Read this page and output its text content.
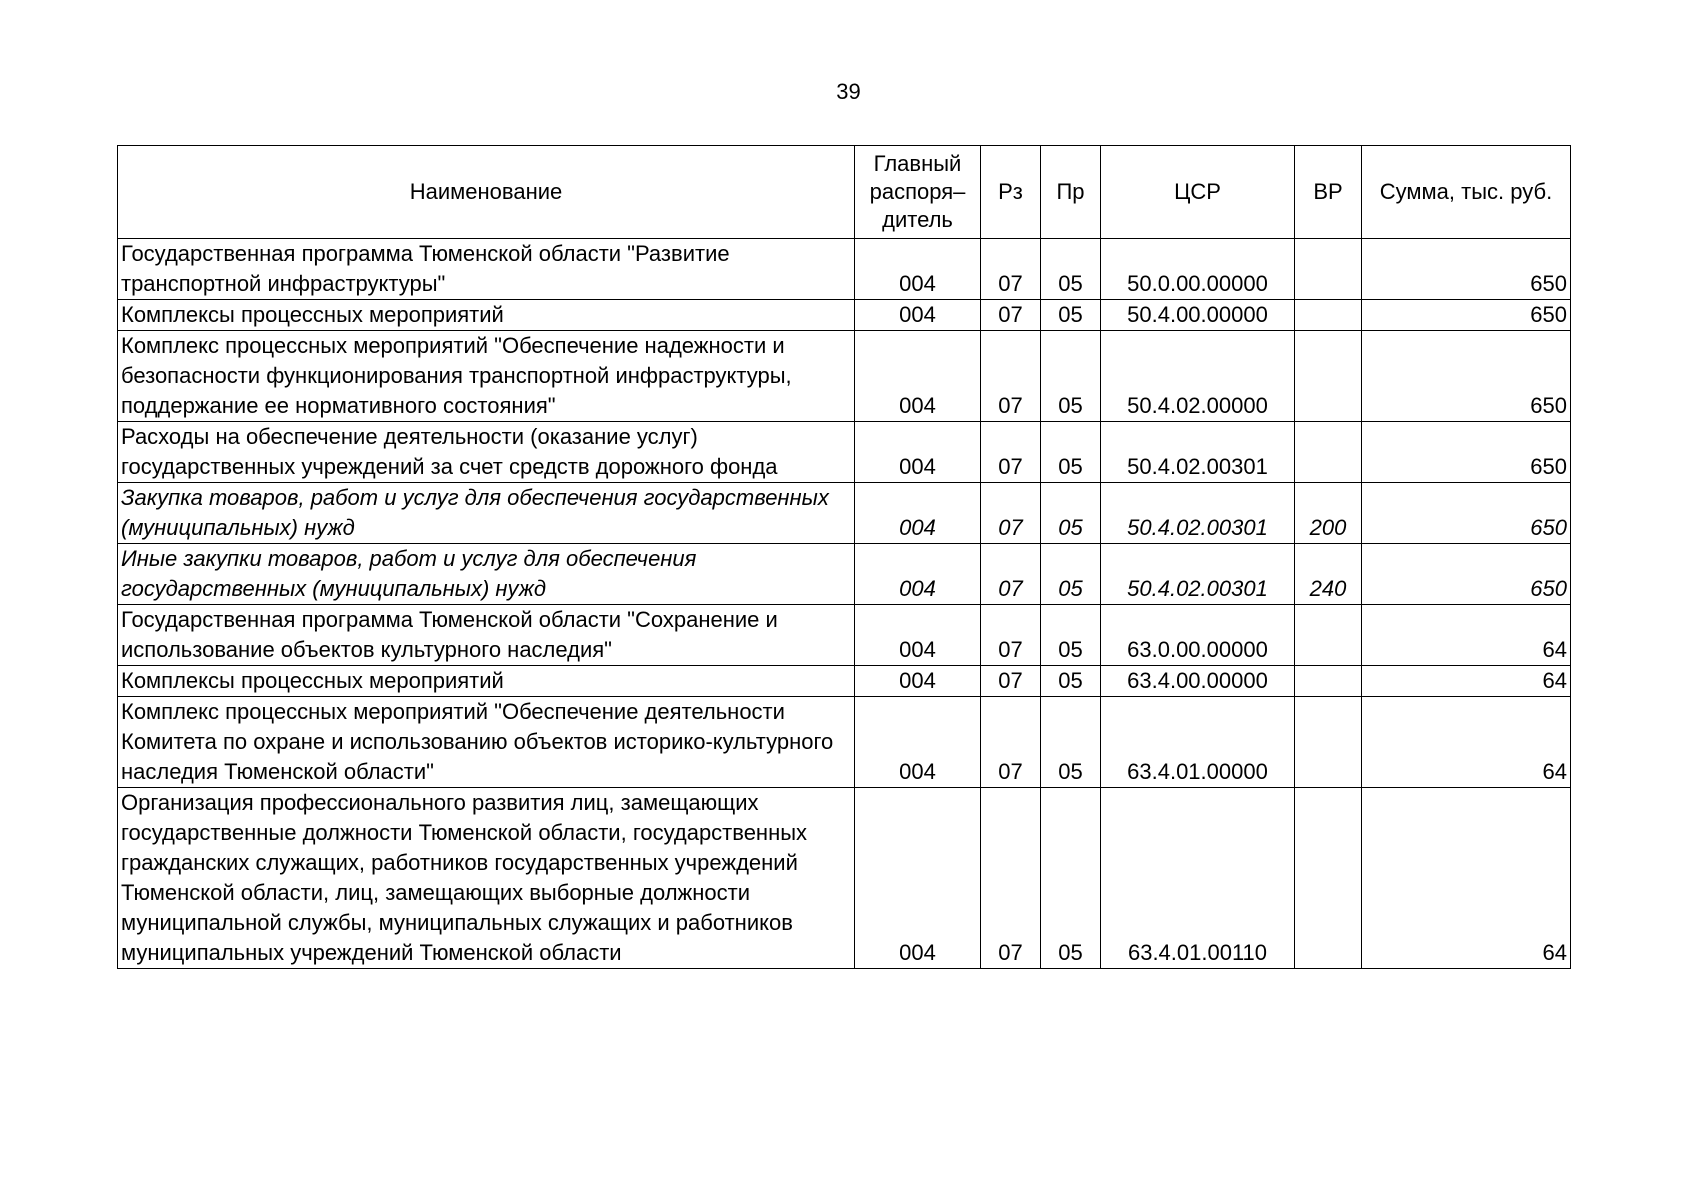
39
Наименование	Главный распоря– дитель	Рз	Пр	ЦСР	ВР	Сумма, тыс. руб.
Государственная программа Тюменской области "Развитие транспортной инфраструктуры"	004	07	05	50.0.00.00000		650
Комплексы процессных мероприятий	004	07	05	50.4.00.00000		650
Комплекс процессных мероприятий "Обеспечение надежности и безопасности функционирования транспортной инфраструктуры, поддержание ее нормативного состояния"	004	07	05	50.4.02.00000		650
Расходы на обеспечение деятельности (оказание услуг) государственных учреждений за счет средств дорожного фонда	004	07	05	50.4.02.00301		650
Закупка товаров, работ и услуг для обеспечения государственных (муниципальных) нужд	004	07	05	50.4.02.00301	200	650
Иные закупки товаров, работ и услуг для обеспечения государственных (муниципальных) нужд	004	07	05	50.4.02.00301	240	650
Государственная программа Тюменской области "Сохранение и использование объектов культурного наследия"	004	07	05	63.0.00.00000		64
Комплексы процессных мероприятий	004	07	05	63.4.00.00000		64
Комплекс процессных мероприятий "Обеспечение деятельности Комитета по охране и использованию объектов историко-культурного наследия Тюменской области"	004	07	05	63.4.01.00000		64
Организация профессионального развития лиц, замещающих государственные должности Тюменской области, государственных гражданских служащих, работников государственных учреждений Тюменской области, лиц, замещающих выборные должности муниципальной службы, муниципальных служащих и работников муниципальных учреждений Тюменской области	004	07	05	63.4.01.00110		64
